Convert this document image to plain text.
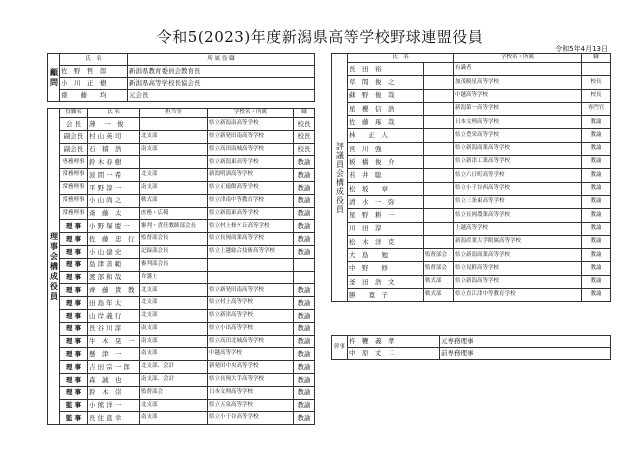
令和5(2023)年度新潟県高等学校野球連盟役員
令和5年4月13日
顧問	氏　名	所 属 役 職
	佐　野　哲　郎	新潟県教育委員会教育長
	小　川　正　樹	新潟県高等学校長協会長
	齋　　藤　　均	元会長
理事会構成役員	役職名	氏 名	担当等	学校名・所属	職
	会 長	薄 　一　俊		県立新潟南高等学校	校長
	副会長	村 山 英 司	北支部	県立新発田南高等学校	校長
	副会長	石　積　浩	南支部	県立高田南城高等学校	校長
	専務理事	鈴 木 春 樹		県立新潟東高等学校	教諭
	常務理事	波 間 一 希	北支部	新潟明訓高等学校	教諭
	常務理事	平 野 淳 一	南支部	県立正徳館高等学校	教諭
	常務理事	小 山 尚 之	軟式部	県立津南中等教育学校	教諭
	常務理事	斎　藤　太	庶務・広報	県立新潟東高等学校	教諭
	理 事	小 野 塚 慶 一	審判・責任教師部会長	県立村上桜ケ丘高等学校	教諭
	理 事	佐　藤　忠　行	監督部会長	県立長岡商業高等学校	教諭
	理 事	小 山 建 史	記録部会長	県立上越総合技術高等学校	教諭
	理 事	島 津 善 範	審判部会長		
	理 事	渡 部 和 哉	弁護士		
	理 事	齊　藤　貴　教	北支部	県立新発田南高等学校	教諭
	理 事	田 島 年 太	北支部	県立村上高等学校	教諭
	理 事	山 岸 義 行	北支部	県立新津高等学校	教諭
	理 事	長 谷 川 淳	南支部	県立小出高等学校	教諭
	理 事	牛　木　晃　一	南支部	県立高田北城高等学校	教諭
	理 事	懸　津　一	南支部	中越高等学校	教諭
	理 事	吉 田 宗 一 郎	北支部、会計	新発田中央高等学校	教諭
	理 事	森　誠　也	南支部、会計	県立長岡大手高等学校	教諭
	理 事	鈴　木　崇	監督部会	日本文理高等学校	教諭
	監 事	小 熊 洋 一	北支部	県立五泉高等学校	教諭
	監 事	長 住 直 幸	南支部	県立小千谷高等学校	教諭
評議員会構成役員	氏　名		学校名・所属	職
	長　田　裕		有識者	
	草　間　俊　之		加茂暁星高等学校	校長
	蘇　野　俊　哉		中越高等学校	校長
	星　櫻　信　浩		新潟第一高等学校	専門官
	佐　藤　琢　哉		日本文理高等学校	教諭
	林　　正　人		県立豊栄高等学校	教諭
	宮　川　強		県立新潟商業高等学校	教諭
	板　橋　俊　介		県立新津工業高等学校	教諭
	若　井　聡		県立六日町高等学校	教諭
	松　坂　　章		県立小千谷西高等学校	教諭
	清　水　一　弥		県立三条東高等学校	教諭
	星　野　耕　一		県立長岡農業高等学校	教諭
	川　田　淳		上越高等学校	教諭
	松　木　洋　克		新潟産業大学附属高等学校	教諭
	大　島　　勉	監督部会	県立新潟商業高等学校	教諭
	中　野　　修	監督部会	県立見附高等学校	教諭
	釜　田　浩　文	軟式部	県立新潟高等学校	教諭
	勝　　寛　子	軟式部	県立直江津中等教育学校	教諭
幹事	杵　鞭　義　孝	元専務理事
	中　原　丈　二	前専務理事
